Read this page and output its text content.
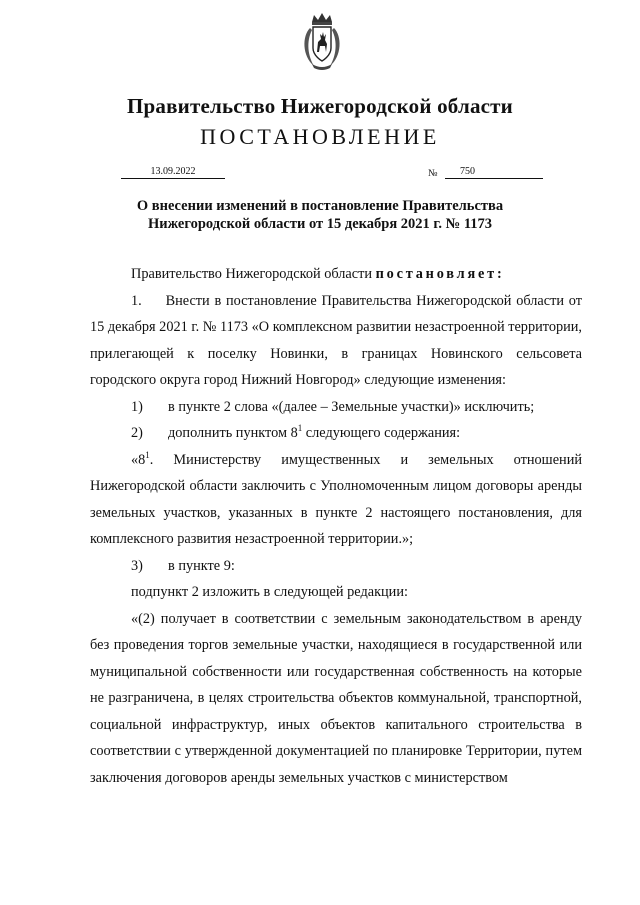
Правительство Нижегородской области
ПОСТАНОВЛЕНИЕ
13.09.2022	№	750
О внесении изменений в постановление Правительства
Нижегородской области от 15 декабря 2021 г. № 1173

Правительство Нижегородской области постановляет:

1.     Внести в постановление Правительства Нижегородской области от 15 декабря 2021 г. № 1173 «О комплексном развитии незастроенной территории, прилегающей к поселку Новинки, в границах Новинского сельсовета городского округа город Нижний Новгород» следующие изменения:

1)	в пункте 2 слова «(далее – Земельные участки)» исключить;
2)	дополнить пунктом $8^1$ следующего содержания:

«$8^1$. Министерству имущественных и земельных отношений Нижегородской области заключить с Уполномоченным лицом договоры аренды земельных участков, указанных в пункте 2 настоящего постановления, для комплексного развития незастроенной территории.»;

3)	в пункте 9:

подпункт 2 изложить в следующей редакции:

«(2) получает в соответствии с земельным законодательством в аренду без проведения торгов земельные участки, находящиеся в государственной или муниципальной собственности или государственная собственность на которые не разграничена, в целях строительства объектов коммунальной, транспортной, социальной инфраструктур, иных объектов капитального строительства в соответствии с утвержденной документацией по планировке Территории, путем заключения договоров аренды земельных участков с министерством
